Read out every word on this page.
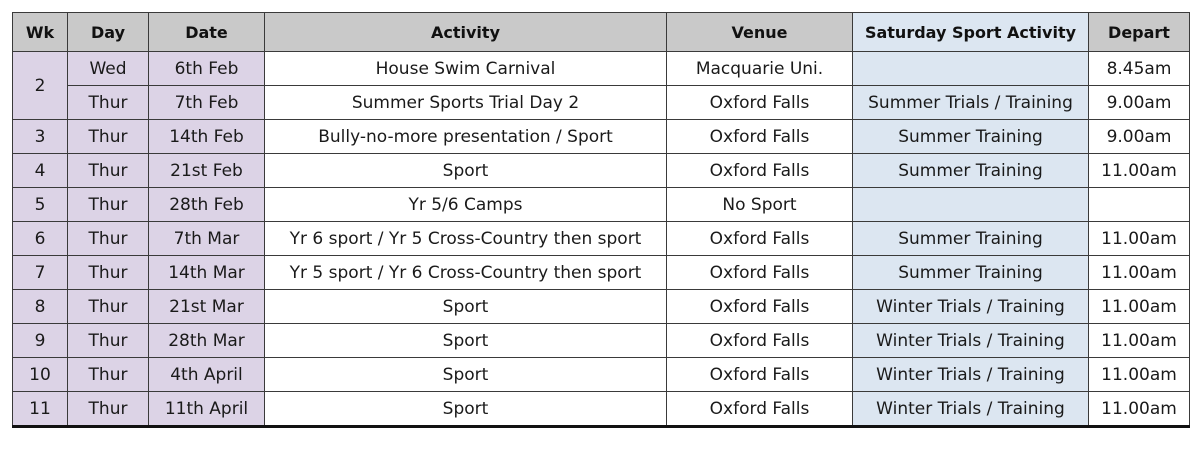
Wk	Day	Date	Activity	Venue	Saturday Sport Activity	Depart
2	Wed	6th Feb	House Swim Carnival	Macquarie Uni.		8.45am
	Thur	7th Feb	Summer Sports Trial Day 2	Oxford Falls	Summer Trials / Training	9.00am
3	Thur	14th Feb	Bully-no-more presentation / Sport	Oxford Falls	Summer Training	9.00am
4	Thur	21st Feb	Sport	Oxford Falls	Summer Training	11.00am
5	Thur	28th Feb	Yr 5/6 Camps	No Sport		
6	Thur	7th Mar	Yr 6 sport / Yr 5 Cross-Country then sport	Oxford Falls	Summer Training	11.00am
7	Thur	14th Mar	Yr 5 sport / Yr 6 Cross-Country then sport	Oxford Falls	Summer Training	11.00am
8	Thur	21st Mar	Sport	Oxford Falls	Winter Trials / Training	11.00am
9	Thur	28th Mar	Sport	Oxford Falls	Winter Trials / Training	11.00am
10	Thur	4th April	Sport	Oxford Falls	Winter Trials / Training	11.00am
11	Thur	11th April	Sport	Oxford Falls	Winter Trials / Training	11.00am
